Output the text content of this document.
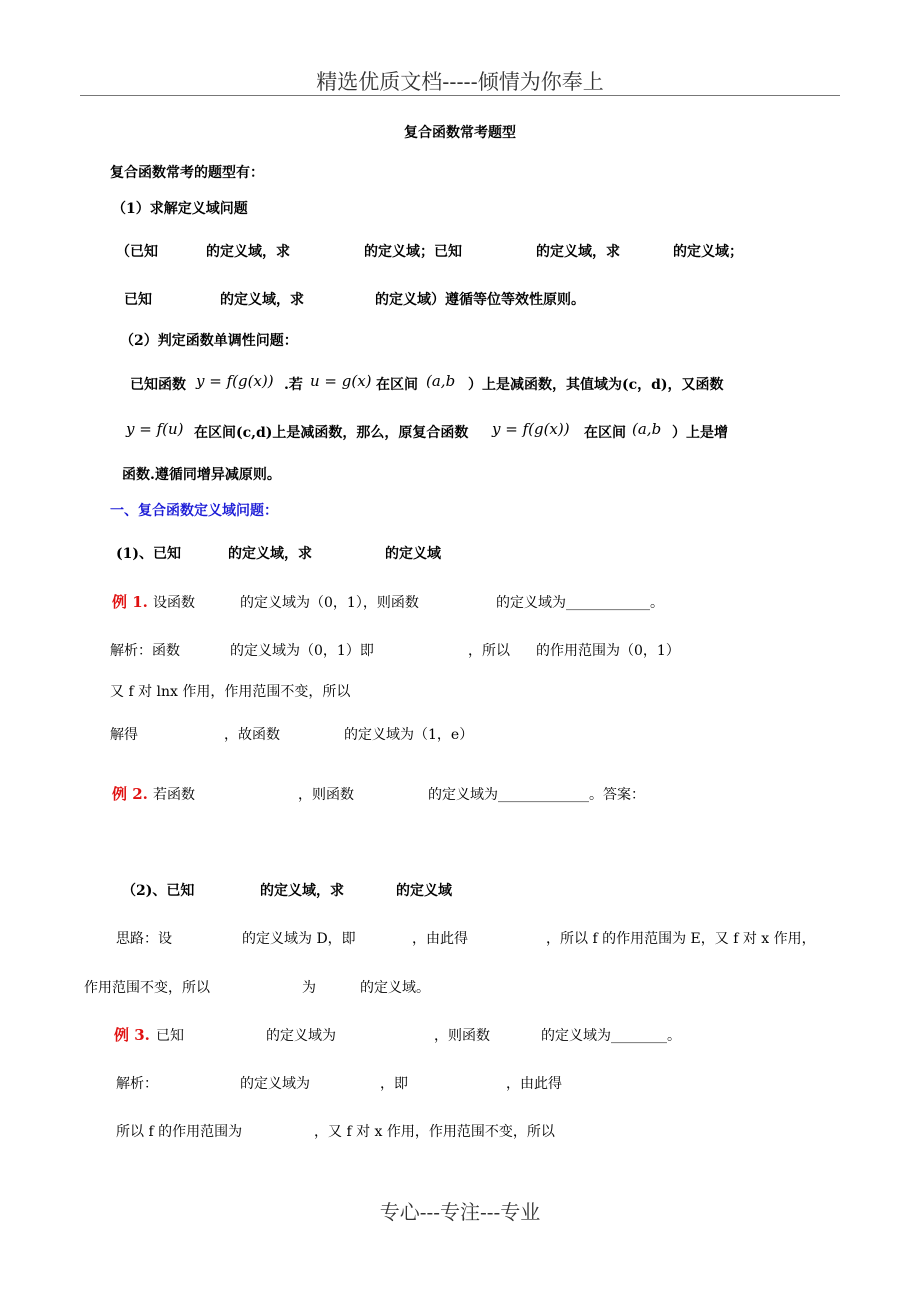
精选优质文档-----倾情为你奉上
复合函数常考题型
复合函数常考的题型有：
（1）求解定义域问题
（已知	的定义域，求	的定义域；已知	的定义域，求	的定义域；
已知	的定义域，求	的定义域）遵循等位等效性原则。
（2）判定函数单调性问题：
已知函数 y = f(g(x)) .若 u = g(x) 在区间 (a,b ）上是减函数，其值域为(c，d)，又函数
y = f(u) 在区间(c,d)上是减函数，那么，原复合函数 y = f(g(x)) 在区间 (a,b ）上是增
函数.遵循同增异减原则。
一、复合函数定义域问题：
(1)、已知	的定义域，求	的定义域
例 1. 设函数	的定义域为（0，1），则函数	的定义域为____________。
解析：函数	的定义域为（0，1）即	，所以 的作用范围为（0，1）
又 f 对 lnx 作用，作用范围不变，所以
解得	，故函数	的定义域为（1，e）
例 2. 若函数	，则函数	的定义域为_____________。答案：
（2)、已知	的定义域，求	的定义域
思路：设	的定义域为 D，即	，由此得	，所以 f 的作用范围为 E，又 f 对 x 作用，
作用范围不变，所以	为	的定义域。
例 3. 已知	的定义域为	，则函数	的定义域为________。
解析：	的定义域为	，即	，由此得
所以 f 的作用范围为	，又 f 对 x 作用，作用范围不变，所以
专心---专注---专业
